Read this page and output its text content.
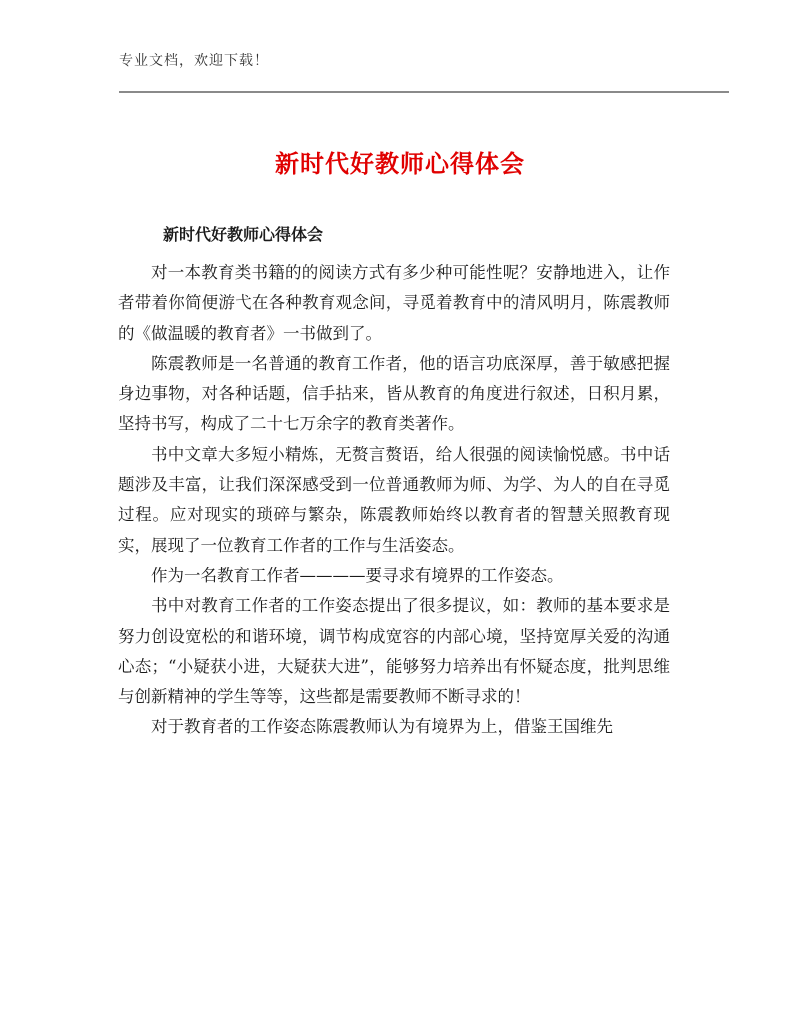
专业文档，欢迎下载！
新时代好教师心得体会
新时代好教师心得体会

对一本教育类书籍的的阅读方式有多少种可能性呢？安静地进入，让作者带着你简便游弋在各种教育观念间，寻觅着教育中的清风明月，陈震教师的《做温暖的教育者》一书做到了。

陈震教师是一名普通的教育工作者，他的语言功底深厚，善于敏感把握身边事物，对各种话题，信手拈来，皆从教育的角度进行叙述，日积月累，坚持书写，构成了二十七万余字的教育类著作。

书中文章大多短小精炼，无赘言赘语，给人很强的阅读愉悦感。书中话题涉及丰富，让我们深深感受到一位普通教师为师、为学、为人的自在寻觅过程。应对现实的琐碎与繁杂，陈震教师始终以教育者的智慧关照教育现实，展现了一位教育工作者的工作与生活姿态。

作为一名教育工作者————要寻求有境界的工作姿态。

书中对教育工作者的工作姿态提出了很多提议，如：教师的基本要求是努力创设宽松的和谐环境，调节构成宽容的内部心境，坚持宽厚关爱的沟通心态；“小疑获小进，大疑获大进”，能够努力培养出有怀疑态度，批判思维与创新精神的学生等等，这些都是需要教师不断寻求的！

对于教育者的工作姿态陈震教师认为有境界为上，借鉴王国维先
